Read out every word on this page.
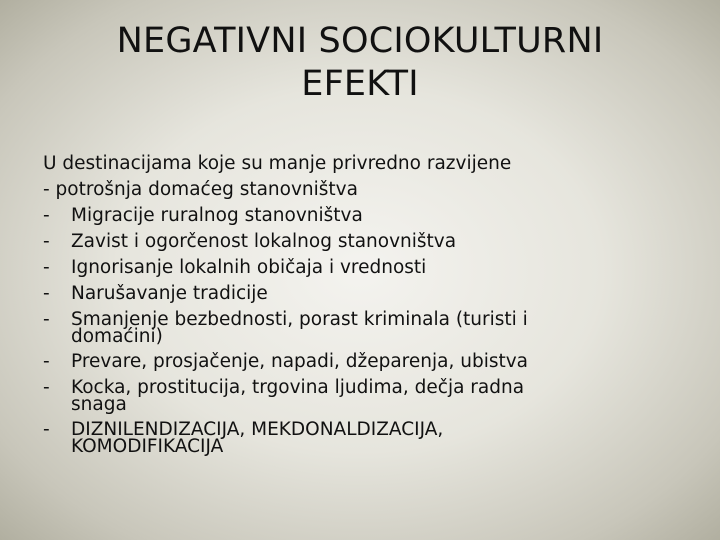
NEGATIVNI SOCIOKULTURNI
EFEKTI
U destinacijama koje su manje privredno razvijene
- potrošnja domaćeg stanovništva
- Migracije ruralnog stanovništva
- Zavist i ogorčenost lokalnog stanovništva
- Ignorisanje lokalnih običaja i vrednosti
- Narušavanje tradicije
- Smanjenje bezbednosti, porast kriminala (turisti i
domaćini)
- Prevare, prosjačenje, napadi, džeparenja, ubistva
- Kocka, prostitucija, trgovina ljudima, dečja radna
snaga
- DIZNILENDIZACIJA, MEKDONALDIZACIJA,
KOMODIFIKACIJA
